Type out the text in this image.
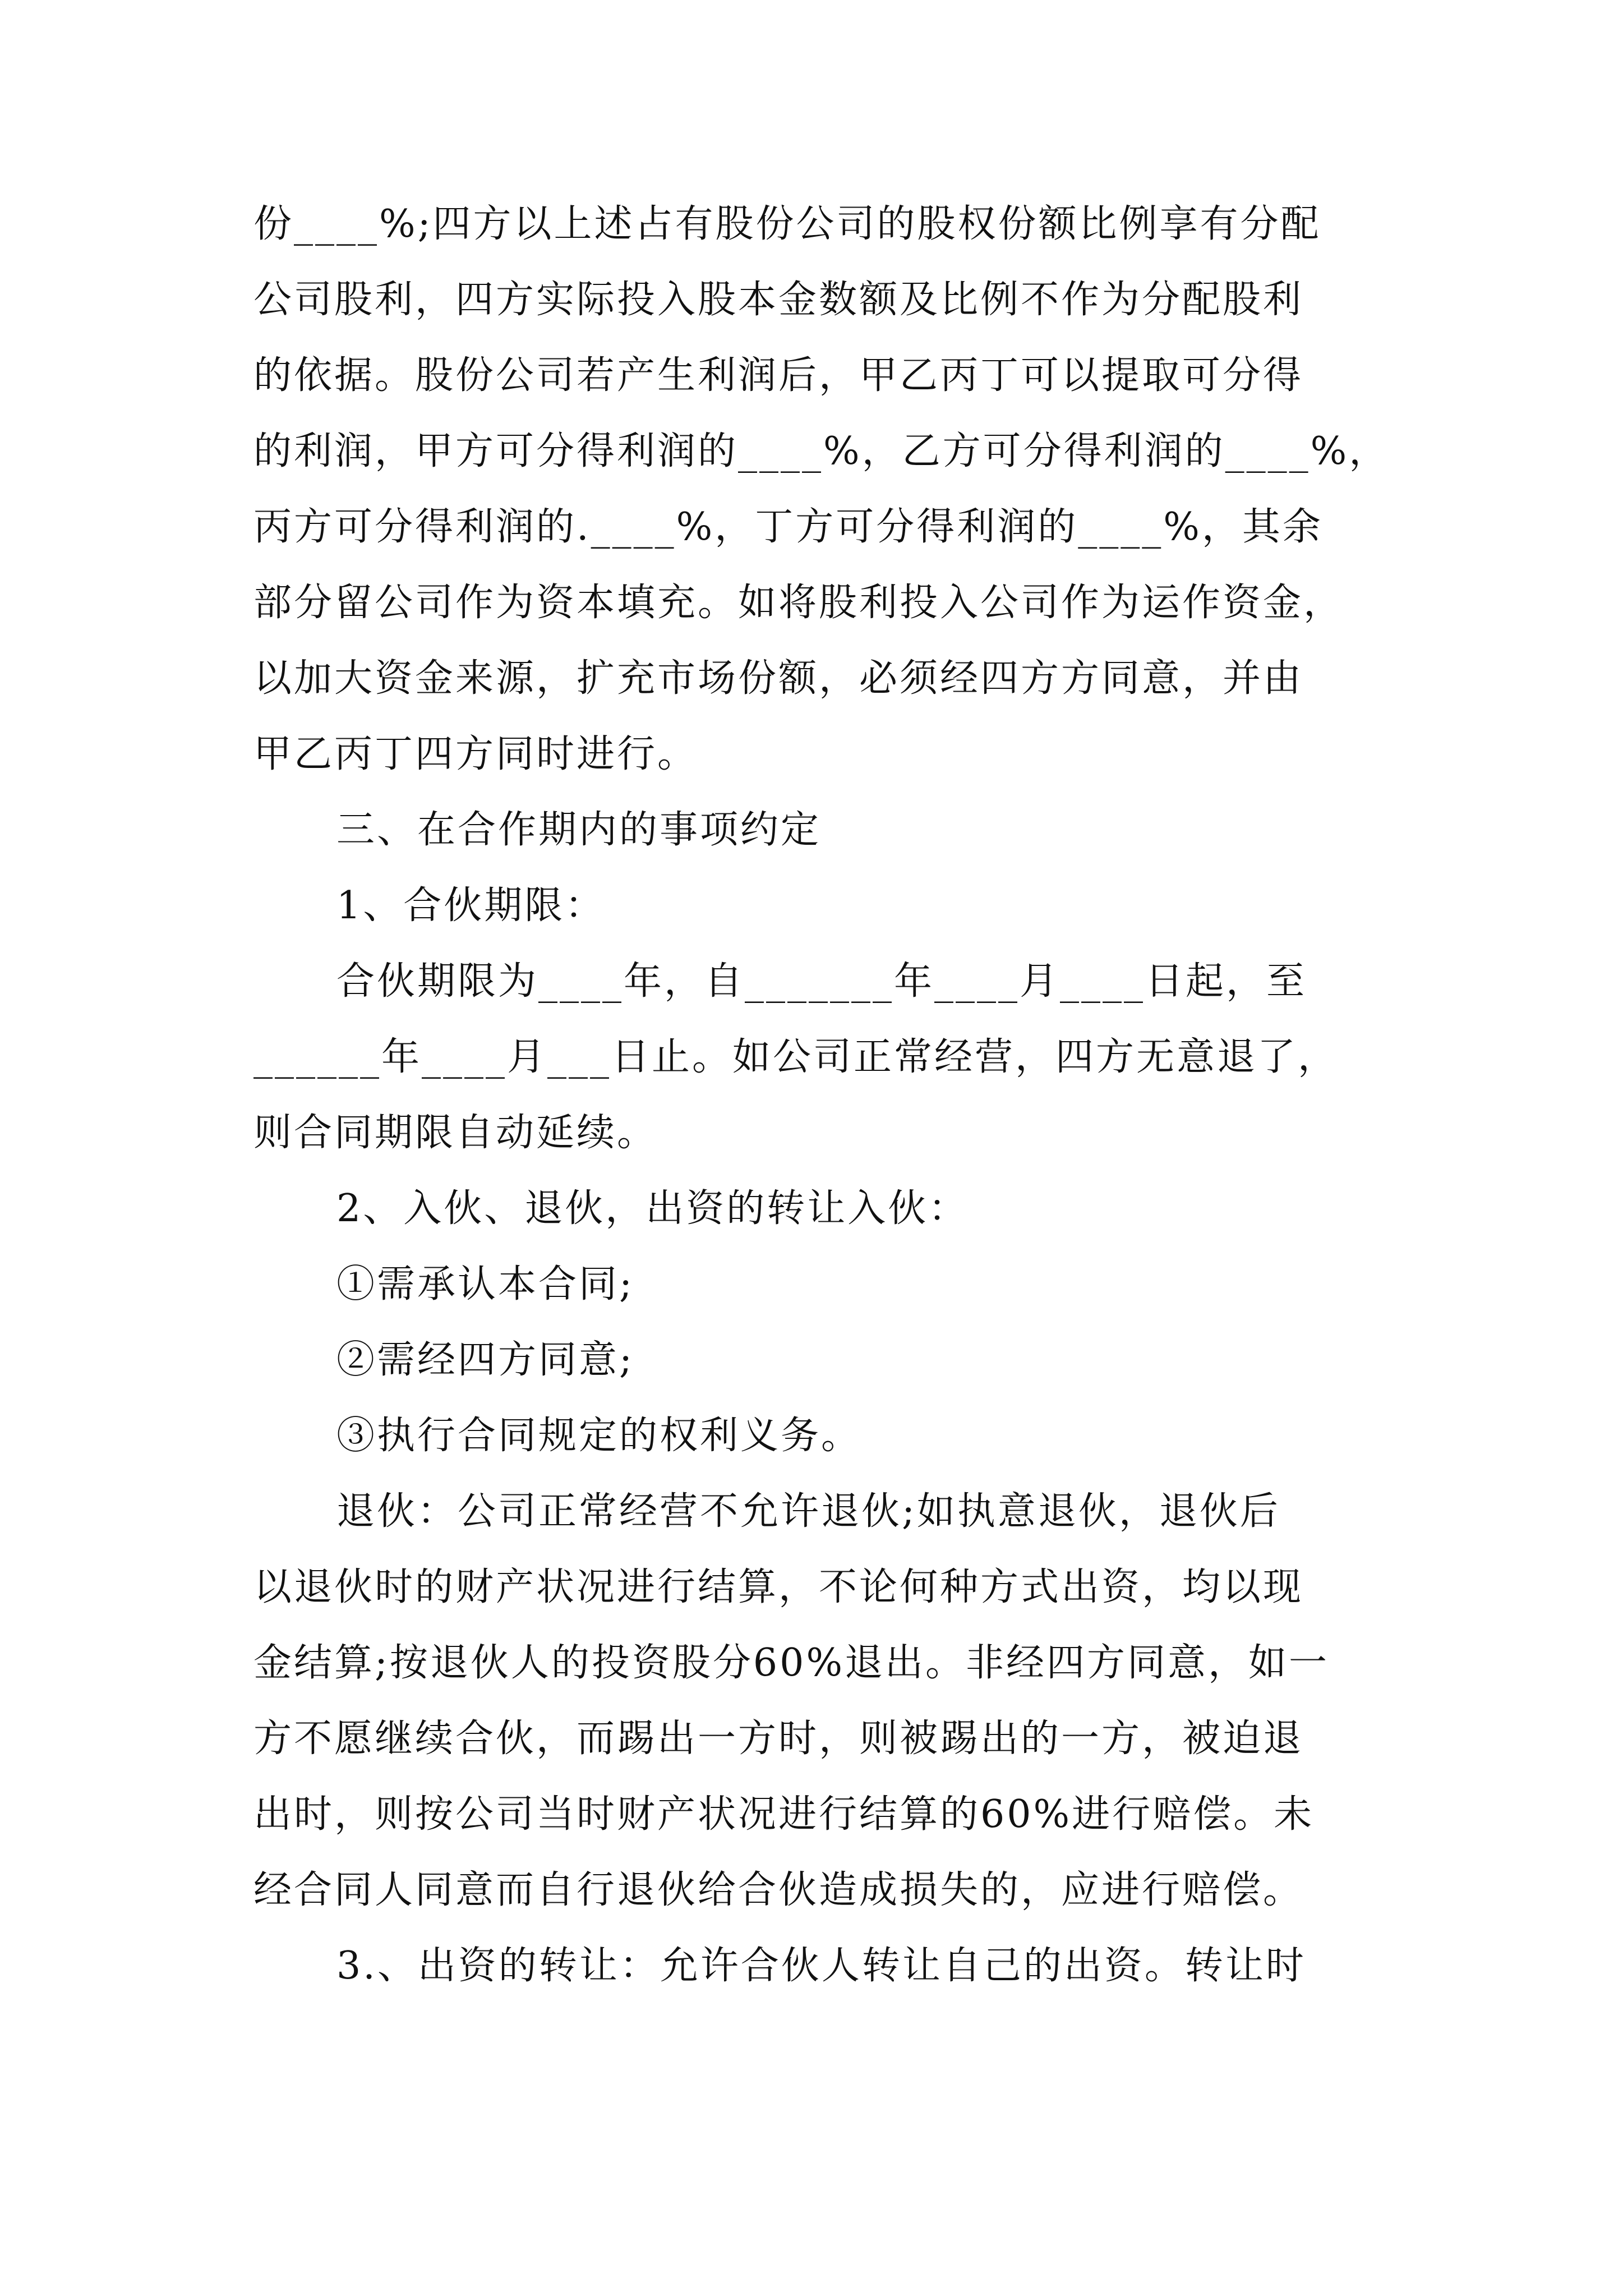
份____%;四方以上述占有股份公司的股权份额比例享有分配
公司股利，四方实际投入股本金数额及比例不作为分配股利
的依据。股份公司若产生利润后，甲乙丙丁可以提取可分得
的利润，甲方可分得利润的____%，乙方可分得利润的____%，
丙方可分得利润的.____%，丁方可分得利润的____%，其余
部分留公司作为资本填充。如将股利投入公司作为运作资金，
以加大资金来源，扩充市场份额，必须经四方方同意，并由
甲乙丙丁四方同时进行。
三、在合作期内的事项约定
1、合伙期限：
合伙期限为____年，自_______年____月____日起，至
______年____月___日止。如公司正常经营，四方无意退了，
则合同期限自动延续。
2、入伙、退伙，出资的转让入伙：
①需承认本合同;
②需经四方同意;
③执行合同规定的权利义务。
退伙：公司正常经营不允许退伙;如执意退伙，退伙后
以退伙时的财产状况进行结算，不论何种方式出资，均以现
金结算;按退伙人的投资股分60%退出。非经四方同意，如一
方不愿继续合伙，而踢出一方时，则被踢出的一方，被迫退
出时，则按公司当时财产状况进行结算的60%进行赔偿。未
经合同人同意而自行退伙给合伙造成损失的，应进行赔偿。
3.、出资的转让：允许合伙人转让自己的出资。转让时
